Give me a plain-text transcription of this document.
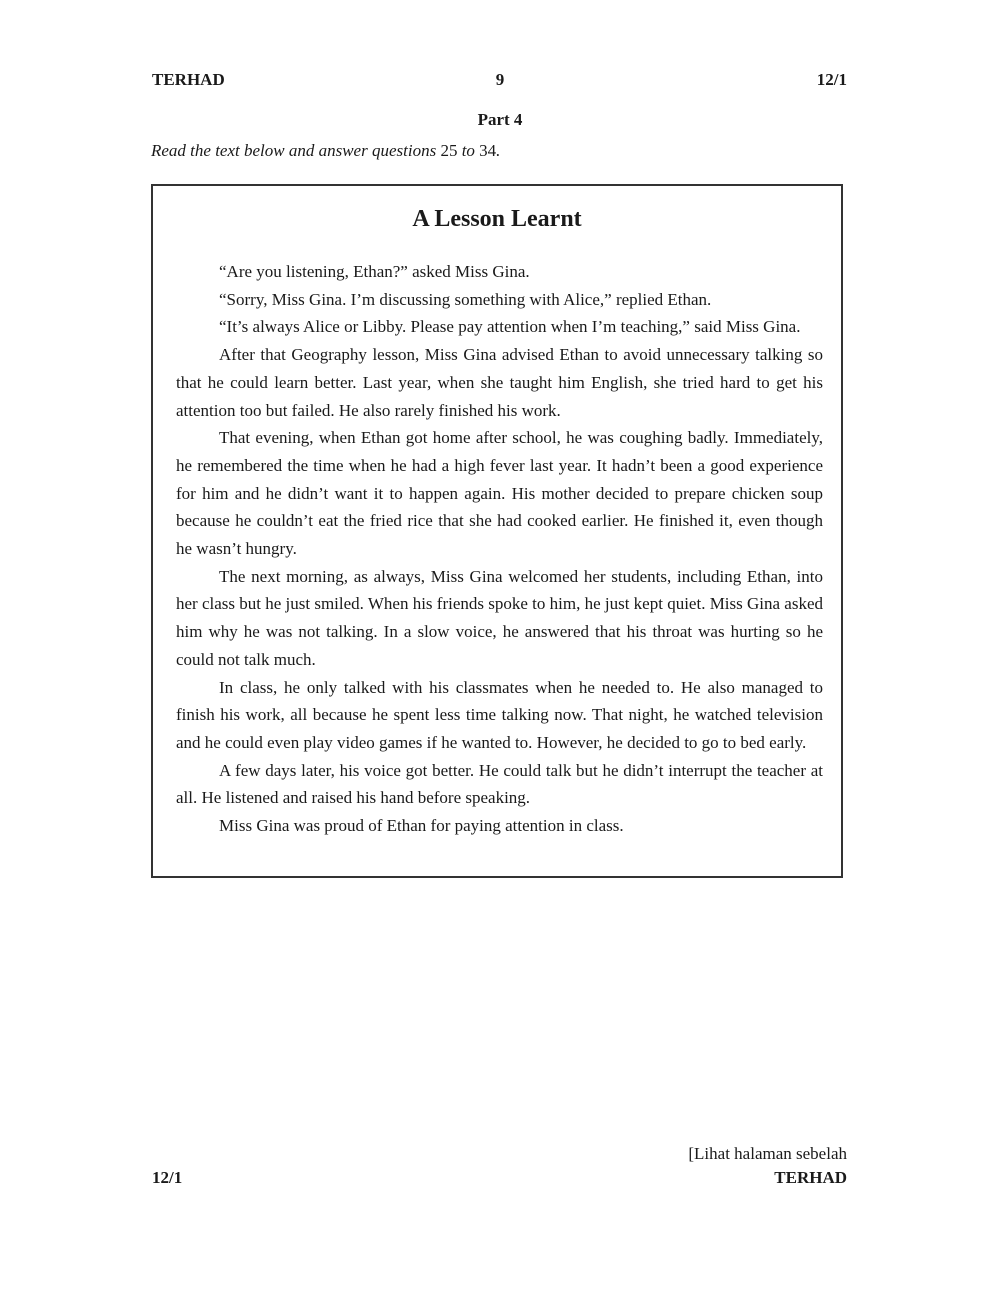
TERHAD	9	12/1
Part 4
Read the text below and answer questions 25 to 34.
A Lesson Learnt

“Are you listening, Ethan?” asked Miss Gina.

“Sorry, Miss Gina. I’m discussing something with Alice,” replied Ethan.

“It’s always Alice or Libby. Please pay attention when I’m teaching,” said Miss Gina.

After that Geography lesson, Miss Gina advised Ethan to avoid unnecessary talking so that he could learn better. Last year, when she taught him English, she tried hard to get his attention too but failed. He also rarely finished his work.

That evening, when Ethan got home after school, he was coughing badly. Immediately, he remembered the time when he had a high fever last year. It hadn’t been a good experience for him and he didn’t want it to happen again. His mother decided to prepare chicken soup because he couldn’t eat the fried rice that she had cooked earlier. He finished it, even though he wasn’t hungry.

The next morning, as always, Miss Gina welcomed her students, including Ethan, into her class but he just smiled. When his friends spoke to him, he just kept quiet. Miss Gina asked him why he was not talking. In a slow voice, he answered that his throat was hurting so he could not talk much.

In class, he only talked with his classmates when he needed to. He also managed to finish his work, all because he spent less time talking now. That night, he watched television and he could even play video games if he wanted to. However, he decided to go to bed early.

A few days later, his voice got better. He could talk but he didn’t interrupt the teacher at all. He listened and raised his hand before speaking.

Miss Gina was proud of Ethan for paying attention in class.

[Lihat halaman sebelah
12/1	TERHAD
